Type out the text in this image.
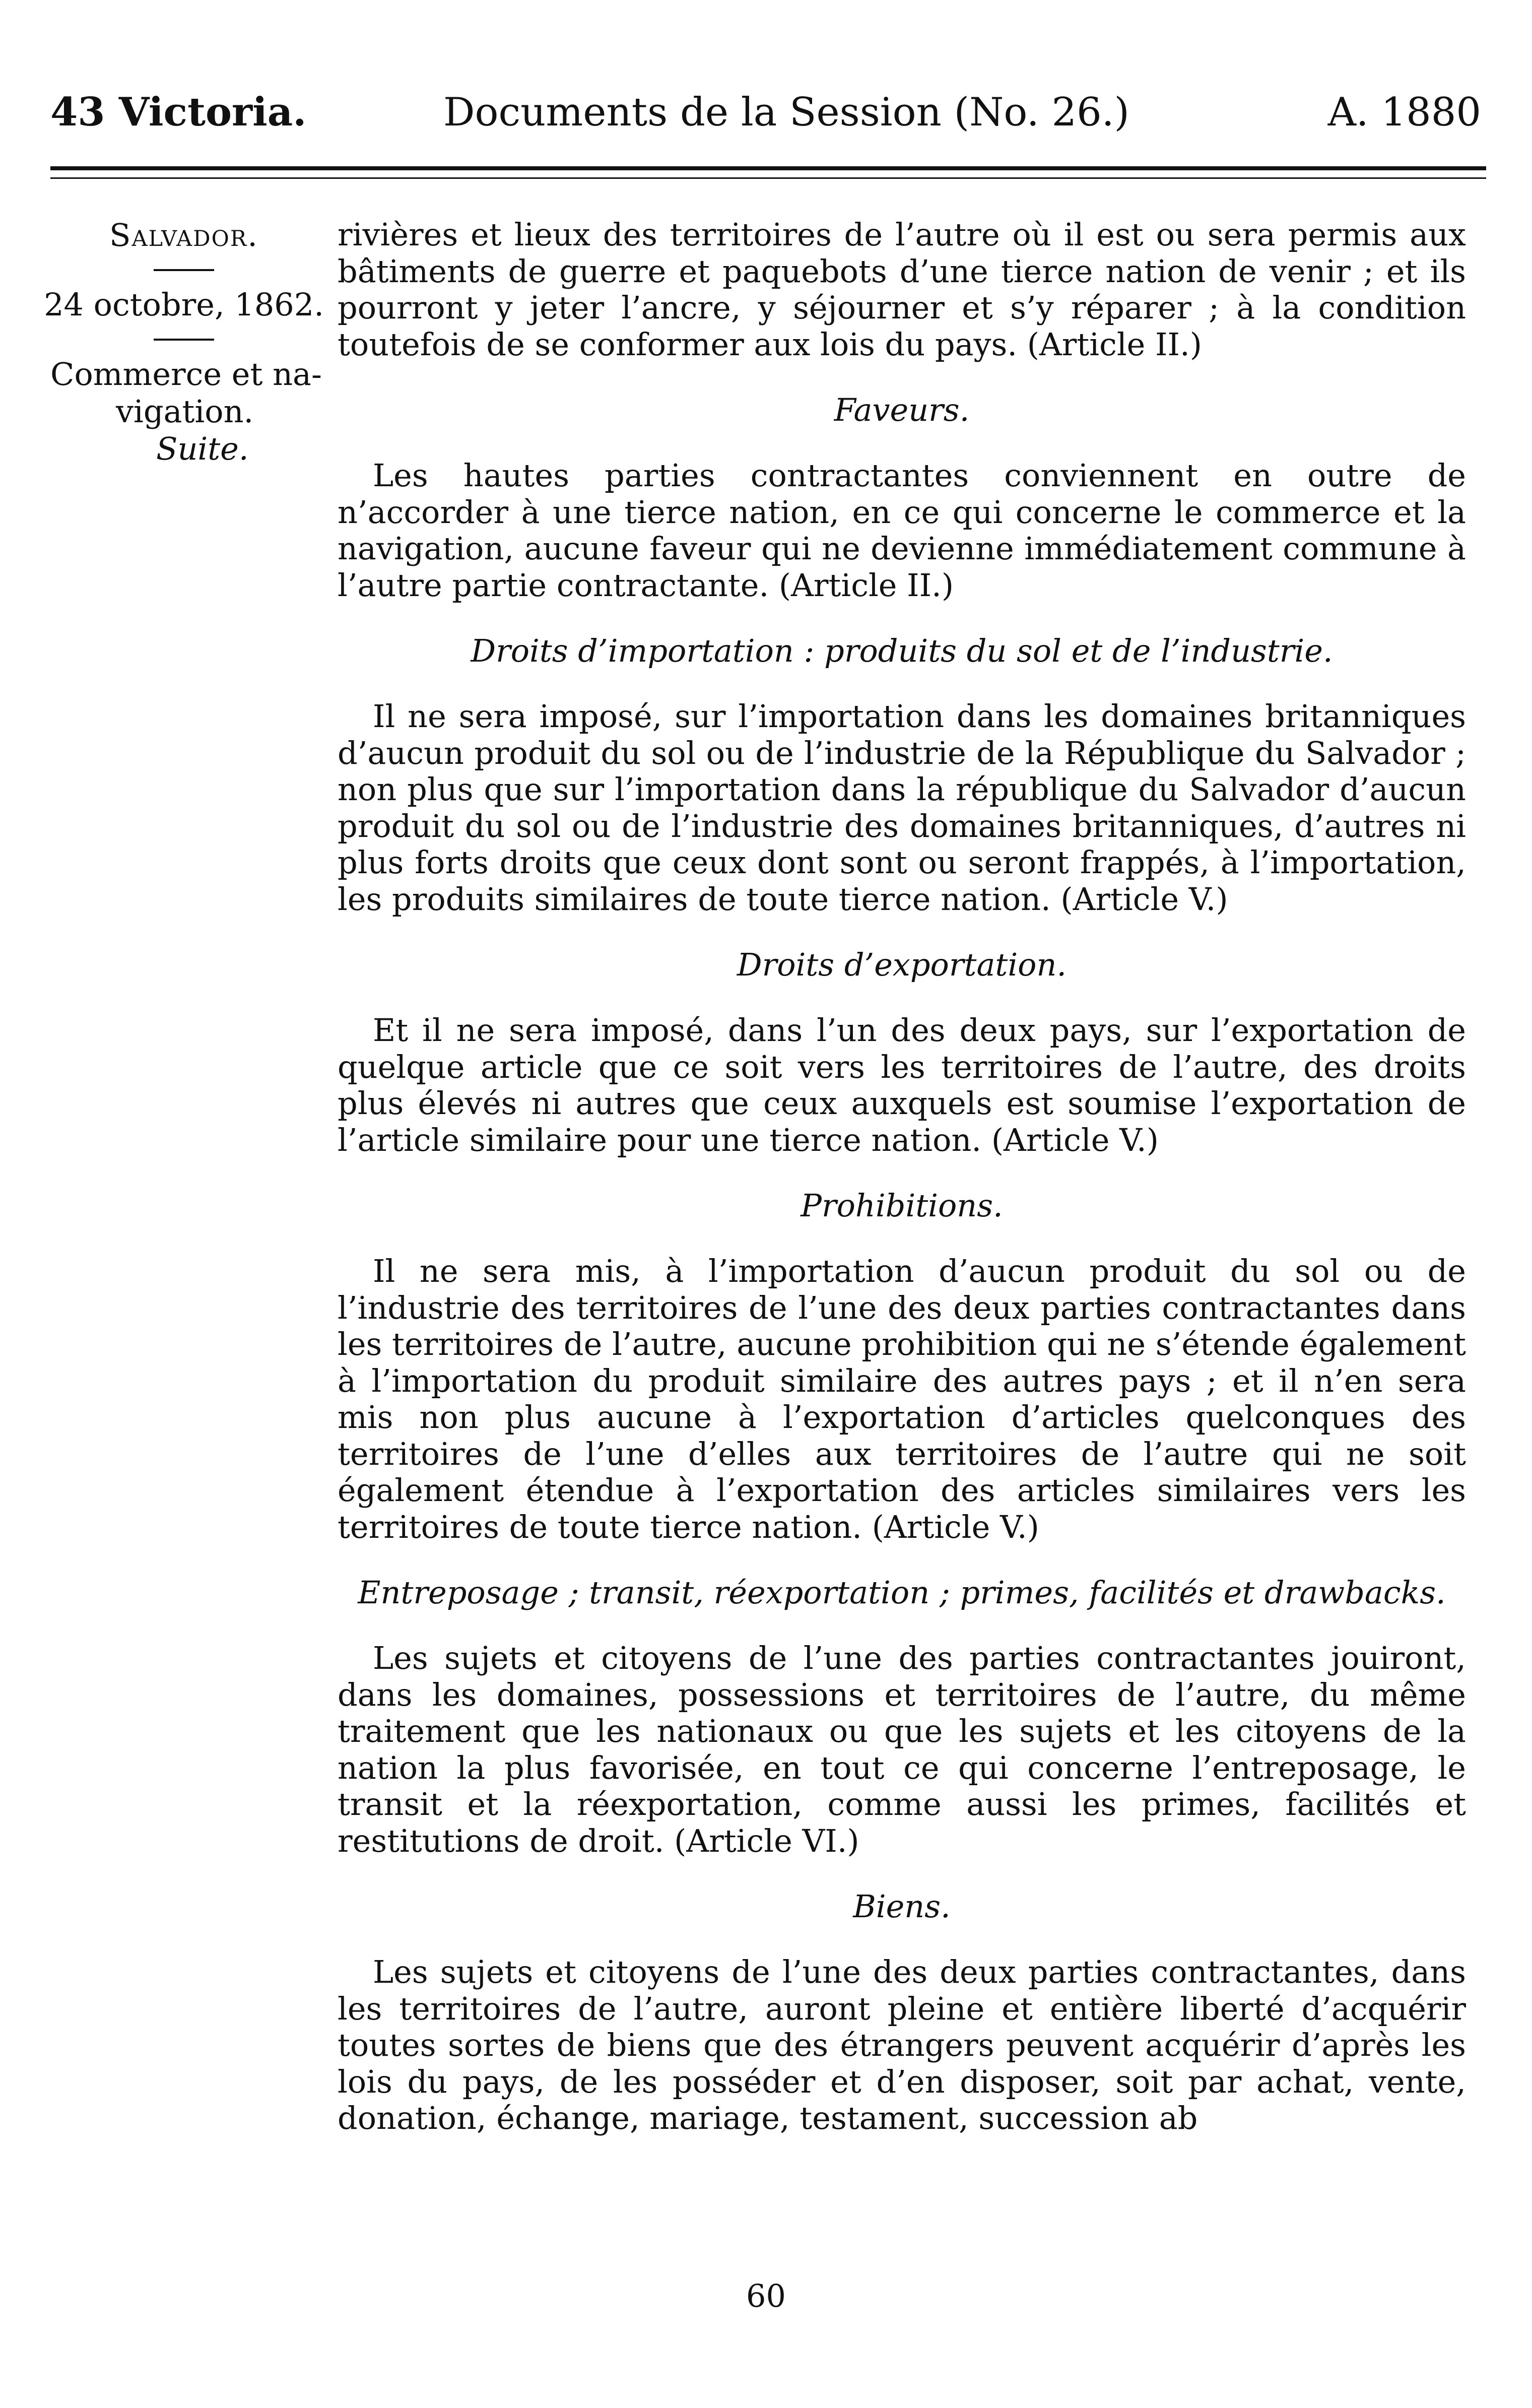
43 Victoria.	Documents de la Session (No. 26.)	A. 1880
Salvador.
24 octobre, 1862.
Commerce et na-
vigation.
Suite.

rivières et lieux des territoires de l’autre où il est ou sera permis aux bâtiments de guerre et paquebots d’une tierce nation de venir ; et ils pourront y jeter l’ancre, y séjourner et s’y réparer ; à la condition toutefois de se conformer aux lois du pays. (Article II.)

Faveurs.

Les hautes parties contractantes conviennent en outre de n’accorder à une tierce nation, en ce qui concerne le commerce et la navigation, aucune faveur qui ne devienne immédiatement commune à l’autre partie contractante. (Article II.)

Droits d’importation : produits du sol et de l’industrie.

Il ne sera imposé, sur l’importation dans les domaines britanniques d’aucun produit du sol ou de l’industrie de la République du Salvador ; non plus que sur l’importation dans la république du Salvador d’aucun produit du sol ou de l’industrie des domaines britanniques, d’autres ni plus forts droits que ceux dont sont ou seront frappés, à l’importation, les produits similaires de toute tierce nation. (Article V.)

Droits d’exportation.

Et il ne sera imposé, dans l’un des deux pays, sur l’exportation de quelque article que ce soit vers les territoires de l’autre, des droits plus élevés ni autres que ceux auxquels est soumise l’exportation de l’article similaire pour une tierce nation. (Article V.)

Prohibitions.

Il ne sera mis, à l’importation d’aucun produit du sol ou de l’industrie des territoires de l’une des deux parties contractantes dans les territoires de l’autre, aucune prohibition qui ne s’étende également à l’importation du produit similaire des autres pays ; et il n’en sera mis non plus aucune à l’exportation d’articles quelconques des territoires de l’une d’elles aux territoires de l’autre qui ne soit également étendue à l’exportation des articles similaires vers les territoires de toute tierce nation. (Article V.)

Entreposage ; transit, réexportation ; primes, facilités et drawbacks.

Les sujets et citoyens de l’une des parties contractantes jouiront, dans les domaines, possessions et territoires de l’autre, du même traitement que les nationaux ou que les sujets et les citoyens de la nation la plus favorisée, en tout ce qui concerne l’entreposage, le transit et la réexportation, comme aussi les primes, facilités et restitutions de droit. (Article VI.)

Biens.

Les sujets et citoyens de l’une des deux parties contractantes, dans les territoires de l’autre, auront pleine et entière liberté d’acquérir toutes sortes de biens que des étrangers peuvent acquérir d’après les lois du pays, de les posséder et d’en disposer, soit par achat, vente, donation, échange, mariage, testament, succession ab

60
